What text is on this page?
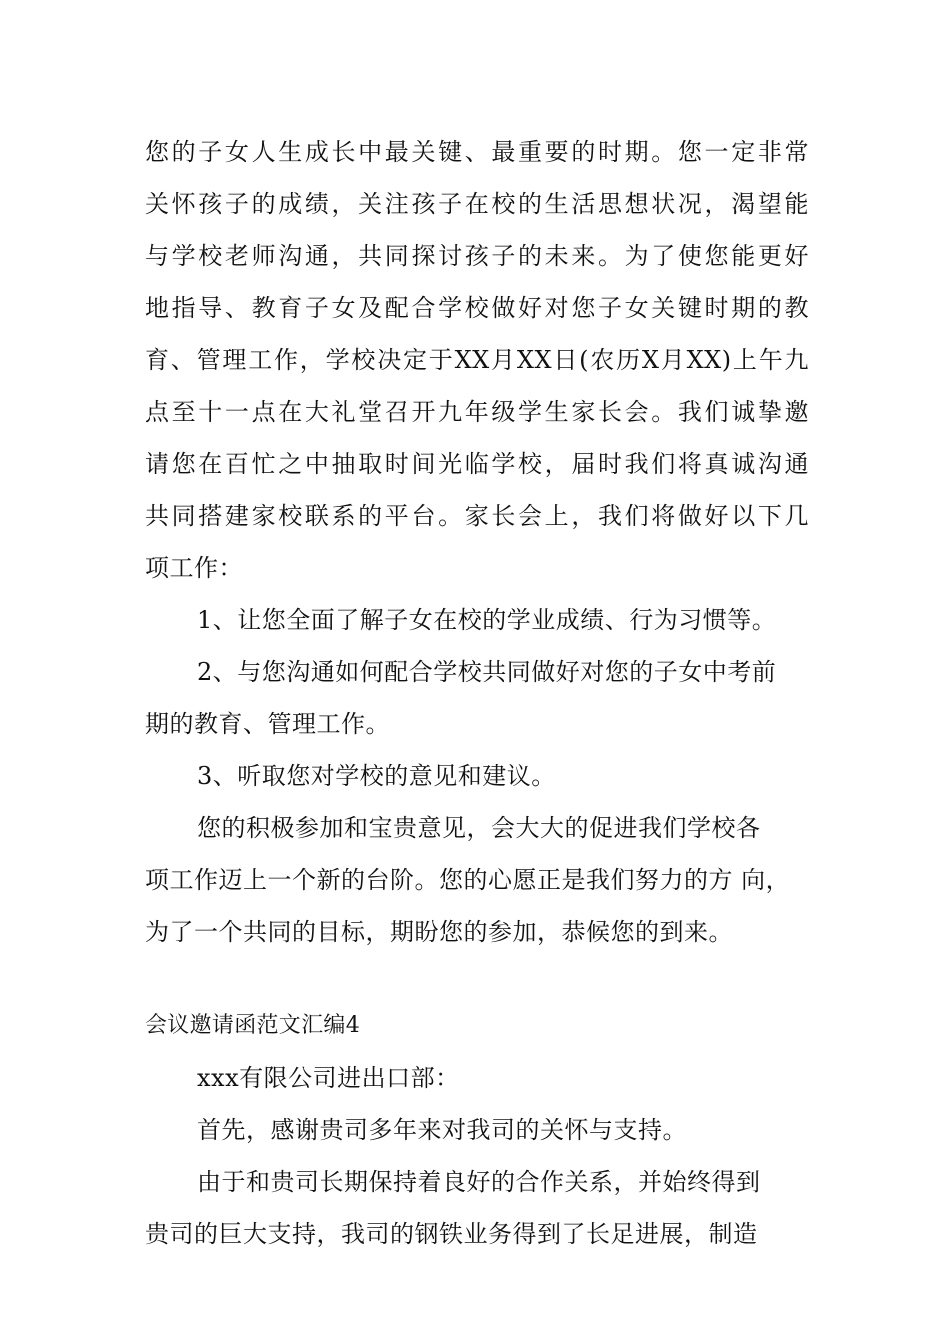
您的子女人生成长中最关键、最重要的时期。您一定非常
关怀孩子的成绩，关注孩子在校的生活思想状况，渴望能
与学校老师沟通，共同探讨孩子的未来。为了使您能更好
地指导、教育子女及配合学校做好对您子女关键时期的教
育、管理工作，学校决定于XX月XX日(农历X月XX)上午九
点至十一点在大礼堂召开九年级学生家长会。我们诚挚邀
请您在百忙之中抽取时间光临学校，届时我们将真诚沟通
共同搭建家校联系的平台。家长会上，我们将做好以下几
项工作：
1、让您全面了解子女在校的学业成绩、行为习惯等。
2、与您沟通如何配合学校共同做好对您的子女中考前
期的教育、管理工作。
3、听取您对学校的意见和建议。
您的积极参加和宝贵意见，会大大的促进我们学校各
项工作迈上一个新的台阶。您的心愿正是我们努力的方 向，
为了一个共同的目标，期盼您的参加，恭候您的到来。
会议邀请函范文汇编4
xxx有限公司进出口部：
首先，感谢贵司多年来对我司的关怀与支持。
由于和贵司长期保持着良好的合作关系，并始终得到
贵司的巨大支持，我司的钢铁业务得到了长足进展，制造
